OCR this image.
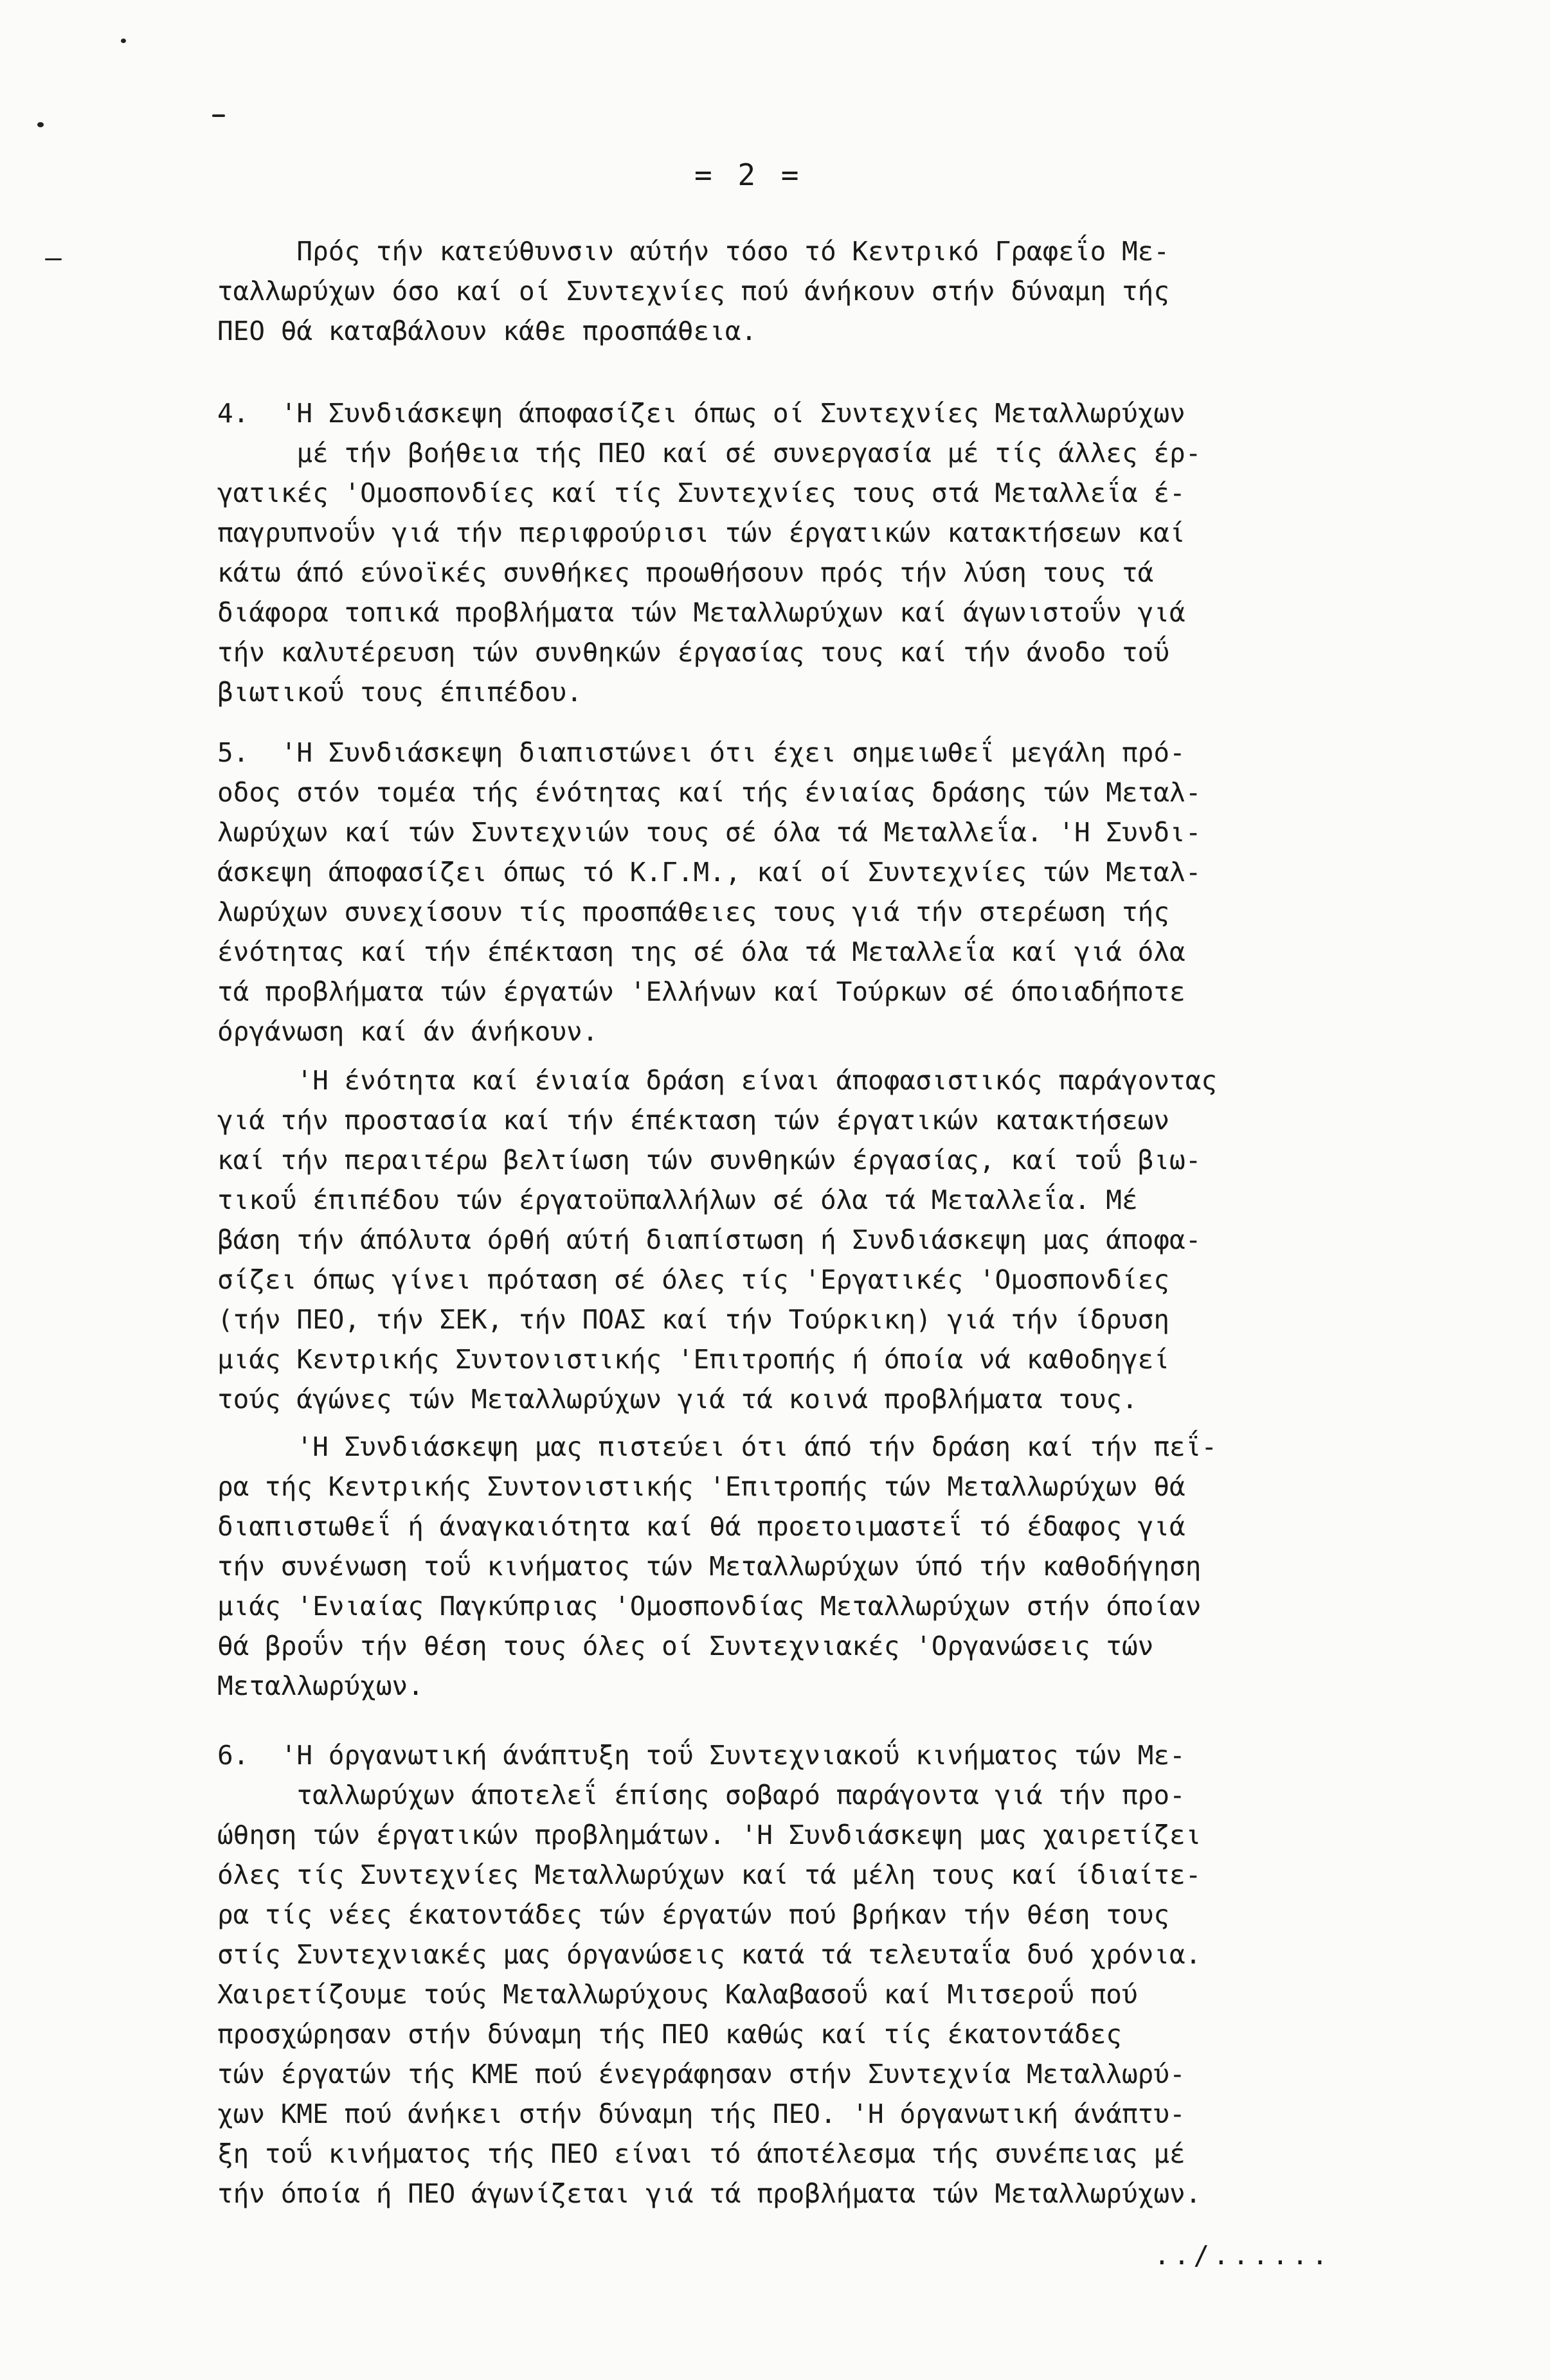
= 2 =
Πρός τήν κατεύθυνσιν αύτήν τόσο τό Κεντρικό Γραφεΐο Με-
ταλλωρύχων όσο καί οί Συντεχνίες πού άνήκουν στήν δύναμη τής
ΠΕΟ θά καταβάλουν κάθε προσπάθεια.
4.  'Η Συνδιάσκεψη άποφασίζει όπως οί Συντεχνίες Μεταλλωρύχων
μέ τήν βοήθεια τής ΠΕΟ καί σέ συνεργασία μέ τίς άλλες έρ-
γατικές 'Ομοσπονδίες καί τίς Συντεχνίες τους στά Μεταλλεΐα έ-
παγρυπνοΰν γιά τήν περιφρούρισι τών έργατικών κατακτήσεων καί
κάτω άπό εύνοϊκές συνθήκες προωθήσουν πρός τήν λύση τους τά
διάφορα τοπικά προβλήματα τών Μεταλλωρύχων καί άγωνιστοΰν γιά
τήν καλυτέρευση τών συνθηκών έργασίας τους καί τήν άνοδο τοΰ
βιωτικοΰ τους έπιπέδου.
5.  'Η Συνδιάσκεψη διαπιστώνει ότι έχει σημειωθεΐ μεγάλη πρό-
οδος στόν τομέα τής ένότητας καί τής ένιαίας δράσης τών Μεταλ-
λωρύχων καί τών Συντεχνιών τους σέ όλα τά Μεταλλεΐα. 'Η Συνδι-
άσκεψη άποφασίζει όπως τό Κ.Γ.Μ., καί οί Συντεχνίες τών Μεταλ-
λωρύχων συνεχίσουν τίς προσπάθειες τους γιά τήν στερέωση τής
ένότητας καί τήν έπέκταση της σέ όλα τά Μεταλλεΐα καί γιά όλα
τά προβλήματα τών έργατών 'Ελλήνων καί Τούρκων σέ όποιαδήποτε
όργάνωση καί άν άνήκουν.
'Η ένότητα καί ένιαία δράση είναι άποφασιστικός παράγοντας
γιά τήν προστασία καί τήν έπέκταση τών έργατικών κατακτήσεων
καί τήν περαιτέρω βελτίωση τών συνθηκών έργασίας, καί τοΰ βιω-
τικοΰ έπιπέδου τών έργατοϋπαλλήλων σέ όλα τά Μεταλλεΐα. Μέ
βάση τήν άπόλυτα όρθή αύτή διαπίστωση ή Συνδιάσκεψη μας άποφα-
σίζει όπως γίνει πρόταση σέ όλες τίς 'Εργατικές 'Ομοσπονδίες
(τήν ΠΕΟ, τήν ΣΕΚ, τήν ΠΟΑΣ καί τήν Τούρκικη) γιά τήν ίδρυση
μιάς Κεντρικής Συντονιστικής 'Επιτροπής ή όποία νά καθοδηγεί
τούς άγώνες τών Μεταλλωρύχων γιά τά κοινά προβλήματα τους.
'Η Συνδιάσκεψη μας πιστεύει ότι άπό τήν δράση καί τήν πεΐ-
ρα τής Κεντρικής Συντονιστικής 'Επιτροπής τών Μεταλλωρύχων θά
διαπιστωθεΐ ή άναγκαιότητα καί θά προετοιμαστεΐ τό έδαφος γιά
τήν συνένωση τοΰ κινήματος τών Μεταλλωρύχων ύπό τήν καθοδήγηση
μιάς 'Ενιαίας Παγκύπριας 'Ομοσπονδίας Μεταλλωρύχων στήν όποίαν
θά βροΰν τήν θέση τους όλες οί Συντεχνιακές 'Οργανώσεις τών
Μεταλλωρύχων.
6.  'Η όργανωτική άνάπτυξη τοΰ Συντεχνιακοΰ κινήματος τών Με-
ταλλωρύχων άποτελεΐ έπίσης σοβαρό παράγοντα γιά τήν προ-
ώθηση τών έργατικών προβλημάτων. 'Η Συνδιάσκεψη μας χαιρετίζει
όλες τίς Συντεχνίες Μεταλλωρύχων καί τά μέλη τους καί ίδιαίτε-
ρα τίς νέες έκατοντάδες τών έργατών πού βρήκαν τήν θέση τους
στίς Συντεχνιακές μας όργανώσεις κατά τά τελευταΐα δυό χρόνια.
Χαιρετίζουμε τούς Μεταλλωρύχους Καλαβασοΰ καί Μιτσεροΰ πού
προσχώρησαν στήν δύναμη τής ΠΕΟ καθώς καί τίς έκατοντάδες
τών έργατών τής ΚΜΕ πού ένεγράφησαν στήν Συντεχνία Μεταλλωρύ-
χων ΚΜΕ πού άνήκει στήν δύναμη τής ΠΕΟ. 'Η όργανωτική άνάπτυ-
ξη τοΰ κινήματος τής ΠΕΟ είναι τό άποτέλεσμα τής συνέπειας μέ
τήν όποία ή ΠΕΟ άγωνίζεται γιά τά προβλήματα τών Μεταλλωρύχων.
../......
